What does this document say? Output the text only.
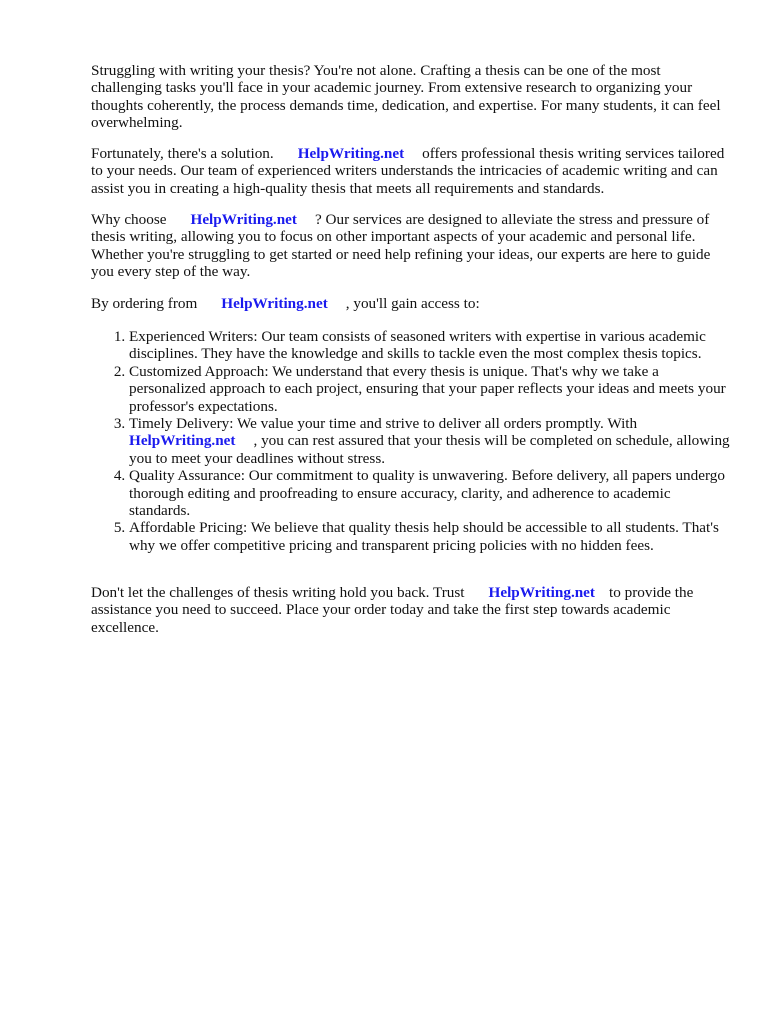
Struggling with writing your thesis? You're not alone. Crafting a thesis can be one of the most challenging tasks you'll face in your academic journey. From extensive research to organizing your thoughts coherently, the process demands time, dedication, and expertise. For many students, it can feel overwhelming.

Fortunately, there's a solution. HelpWriting.net offers professional thesis writing services tailored to your needs. Our team of experienced writers understands the intricacies of academic writing and can assist you in creating a high-quality thesis that meets all requirements and standards.

Why choose HelpWriting.net ? Our services are designed to alleviate the stress and pressure of thesis writing, allowing you to focus on other important aspects of your academic and personal life. Whether you're struggling to get started or need help refining your ideas, our experts are here to guide you every step of the way.

By ordering from HelpWriting.net , you'll gain access to:

1. Experienced Writers: Our team consists of seasoned writers with expertise in various academic disciplines. They have the knowledge and skills to tackle even the most complex thesis topics.
2. Customized Approach: We understand that every thesis is unique. That's why we take a personalized approach to each project, ensuring that your paper reflects your ideas and meets your professor's expectations.
3. Timely Delivery: We value your time and strive to deliver all orders promptly. With HelpWriting.net , you can rest assured that your thesis will be completed on schedule, allowing you to meet your deadlines without stress.
4. Quality Assurance: Our commitment to quality is unwavering. Before delivery, all papers undergo thorough editing and proofreading to ensure accuracy, clarity, and adherence to academic standards.
5. Affordable Pricing: We believe that quality thesis help should be accessible to all students. That's why we offer competitive pricing and transparent pricing policies with no hidden fees.

Don't let the challenges of thesis writing hold you back. Trust HelpWriting.net to provide the assistance you need to succeed. Place your order today and take the first step towards academic excellence.
